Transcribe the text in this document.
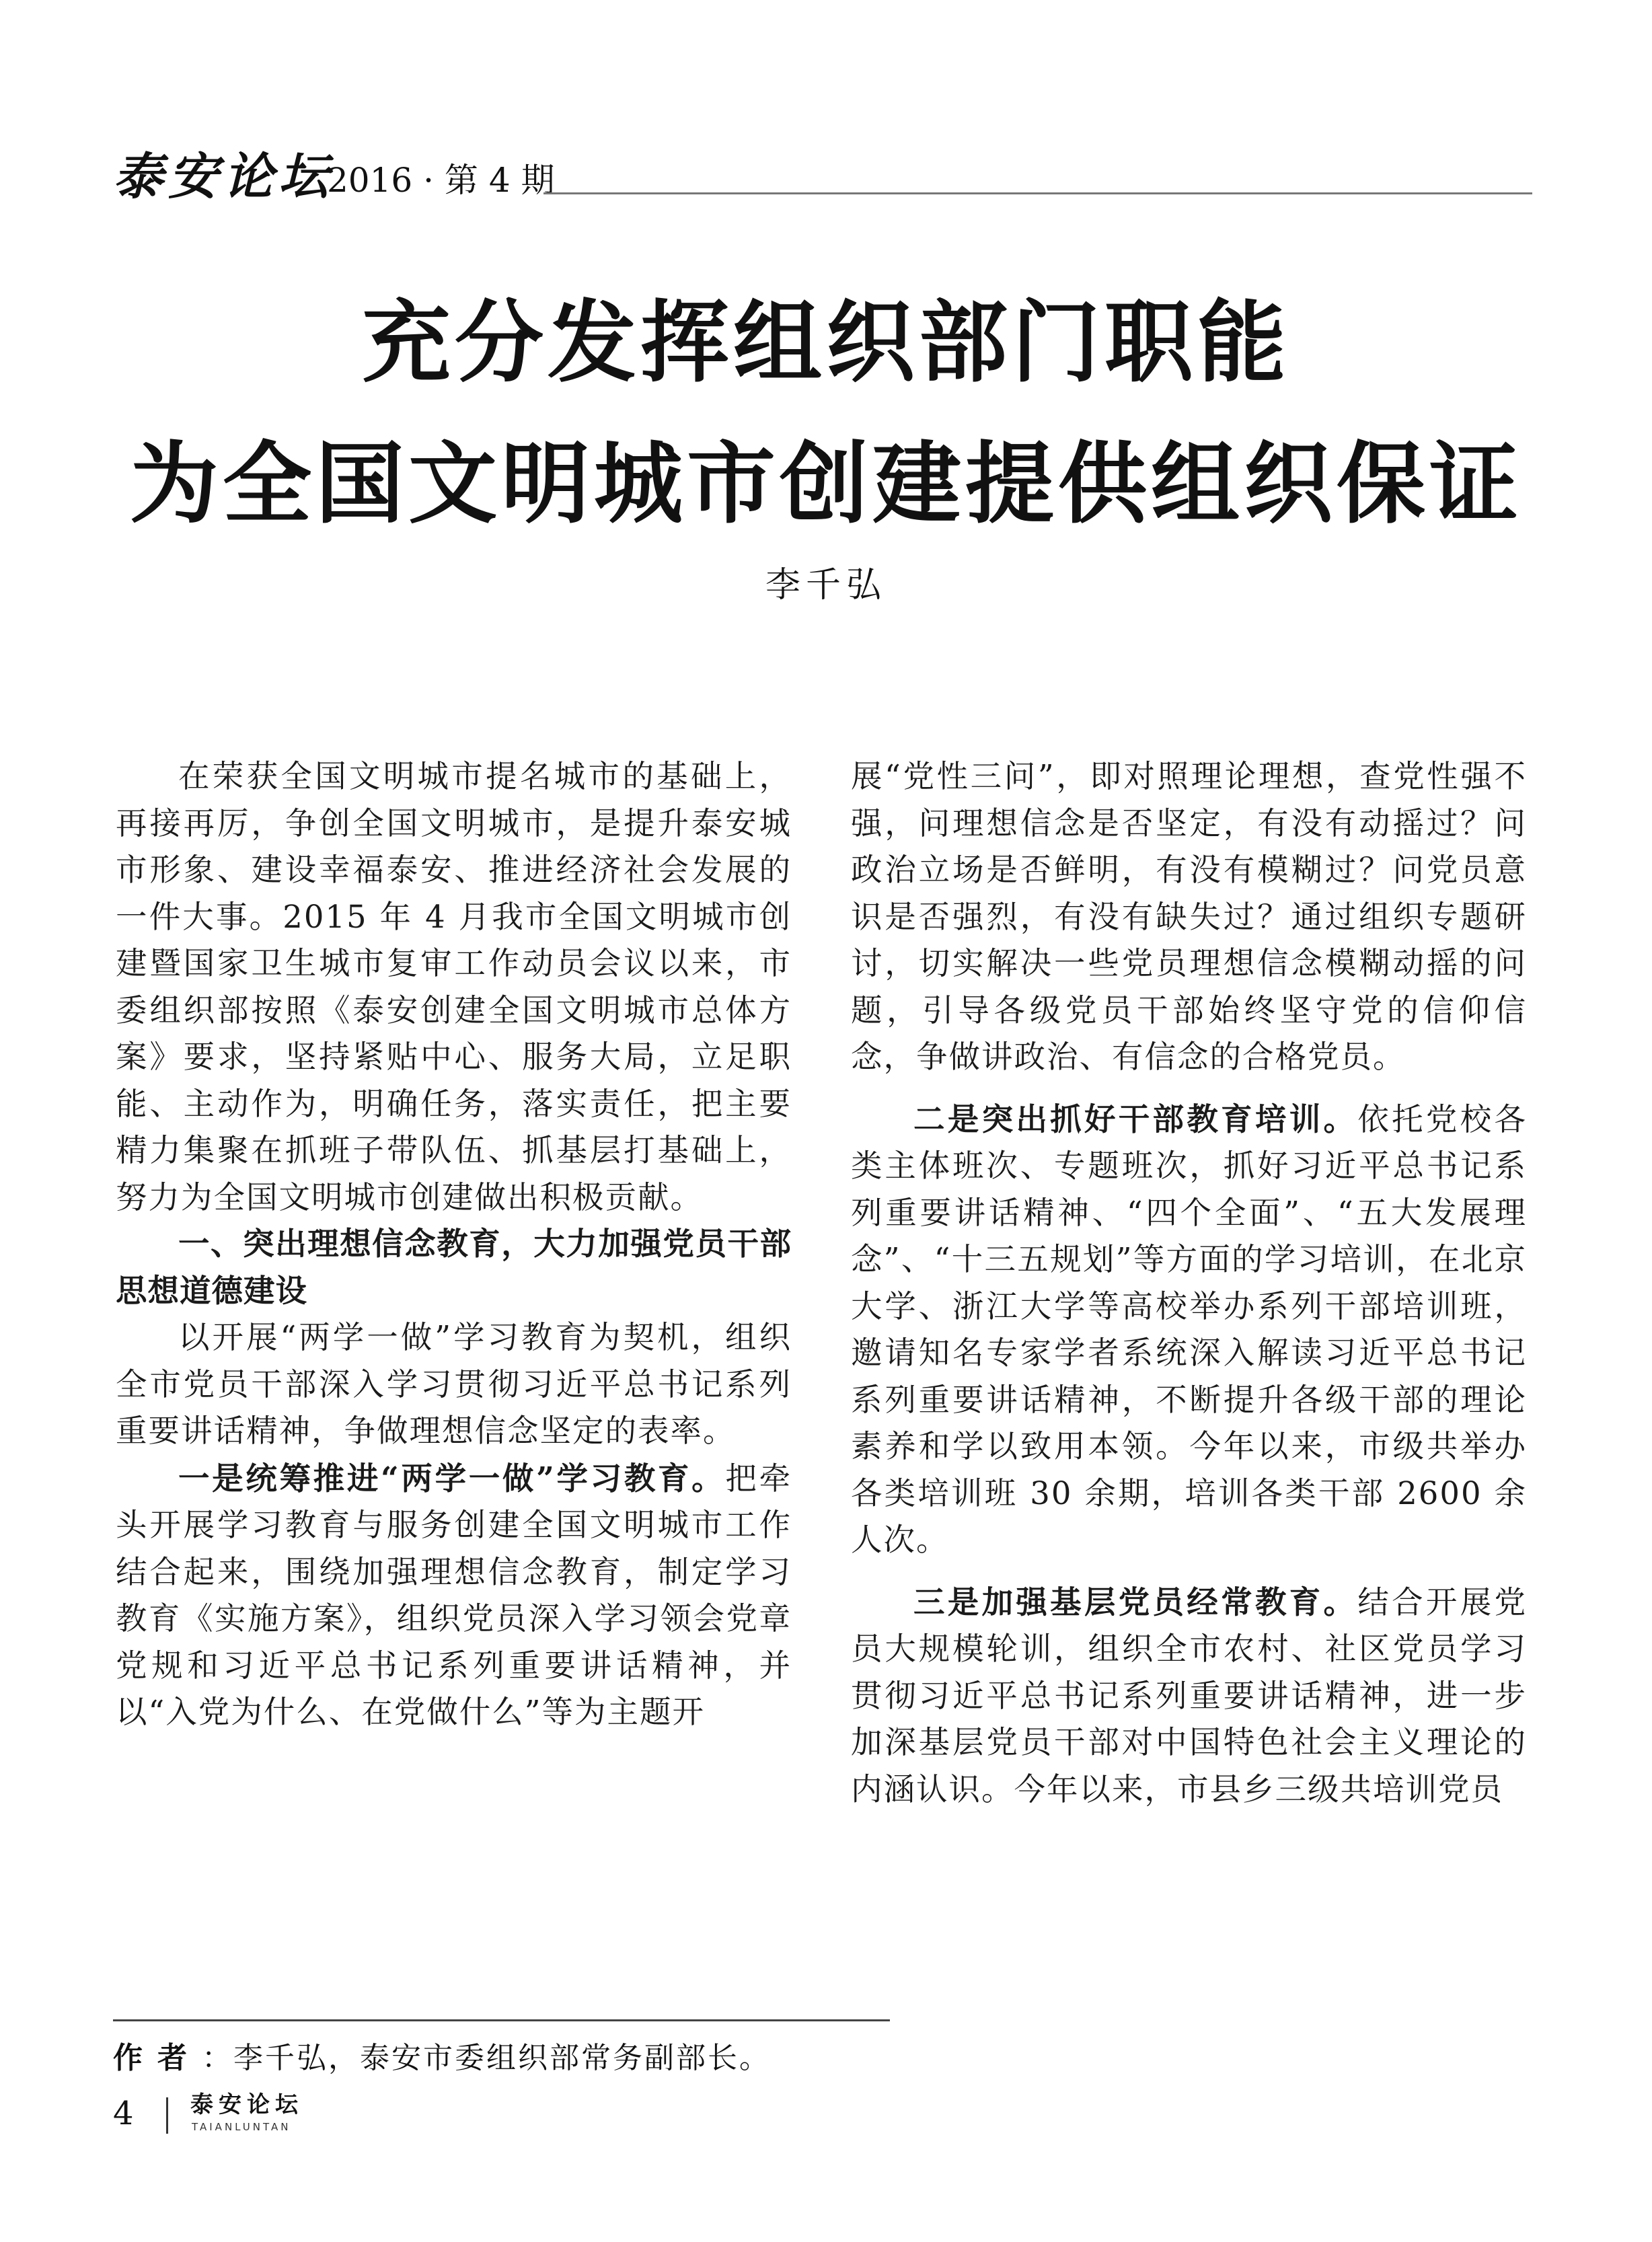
泰安论坛
2016 · 第 4 期
充分发挥组织部门职能
为全国文明城市创建提供组织保证
李千弘

在荣获全国文明城市提名城市的基础上，再接再厉，争创全国文明城市，是提升泰安城市形象、建设幸福泰安、推进经济社会发展的一件大事。2015 年 4 月我市全国文明城市创建暨国家卫生城市复审工作动员会议以来，市委组织部按照《泰安创建全国文明城市总体方案》要求，坚持紧贴中心、服务大局，立足职能、主动作为，明确任务，落实责任，把主要精力集聚在抓班子带队伍、抓基层打基础上，努力为全国文明城市创建做出积极贡献。

一、突出理想信念教育，大力加强党员干部思想道德建设

以开展“两学一做”学习教育为契机，组织全市党员干部深入学习贯彻习近平总书记系列重要讲话精神，争做理想信念坚定的表率。

一是统筹推进“两学一做”学习教育。把牵头开展学习教育与服务创建全国文明城市工作结合起来，围绕加强理想信念教育，制定学习教育《实施方案》，组织党员深入学习领会党章党规和习近平总书记系列重要讲话精神，并以“入党为什么、在党做什么”等为主题开

展“党性三问”，即对照理论理想，查党性强不强，问理想信念是否坚定，有没有动摇过？问政治立场是否鲜明，有没有模糊过？问党员意识是否强烈，有没有缺失过？通过组织专题研讨，切实解决一些党员理想信念模糊动摇的问题，引导各级党员干部始终坚守党的信仰信念，争做讲政治、有信念的合格党员。

二是突出抓好干部教育培训。依托党校各类主体班次、专题班次，抓好习近平总书记系列重要讲话精神、“四个全面”、“五大发展理念”、“十三五规划”等方面的学习培训，在北京大学、浙江大学等高校举办系列干部培训班，邀请知名专家学者系统深入解读习近平总书记系列重要讲话精神，不断提升各级干部的理论素养和学以致用本领。今年以来，市级共举办各类培训班 30 余期，培训各类干部 2600 余人次。

三是加强基层党员经常教育。结合开展党员大规模轮训，组织全市农村、社区党员学习贯彻习近平总书记系列重要讲话精神，进一步加深基层党员干部对中国特色社会主义理论的内涵认识。今年以来，市县乡三级共培训党员

作者：李千弘，泰安市委组织部常务副部长。
4 泰安论坛
TAIANLUNTAN
